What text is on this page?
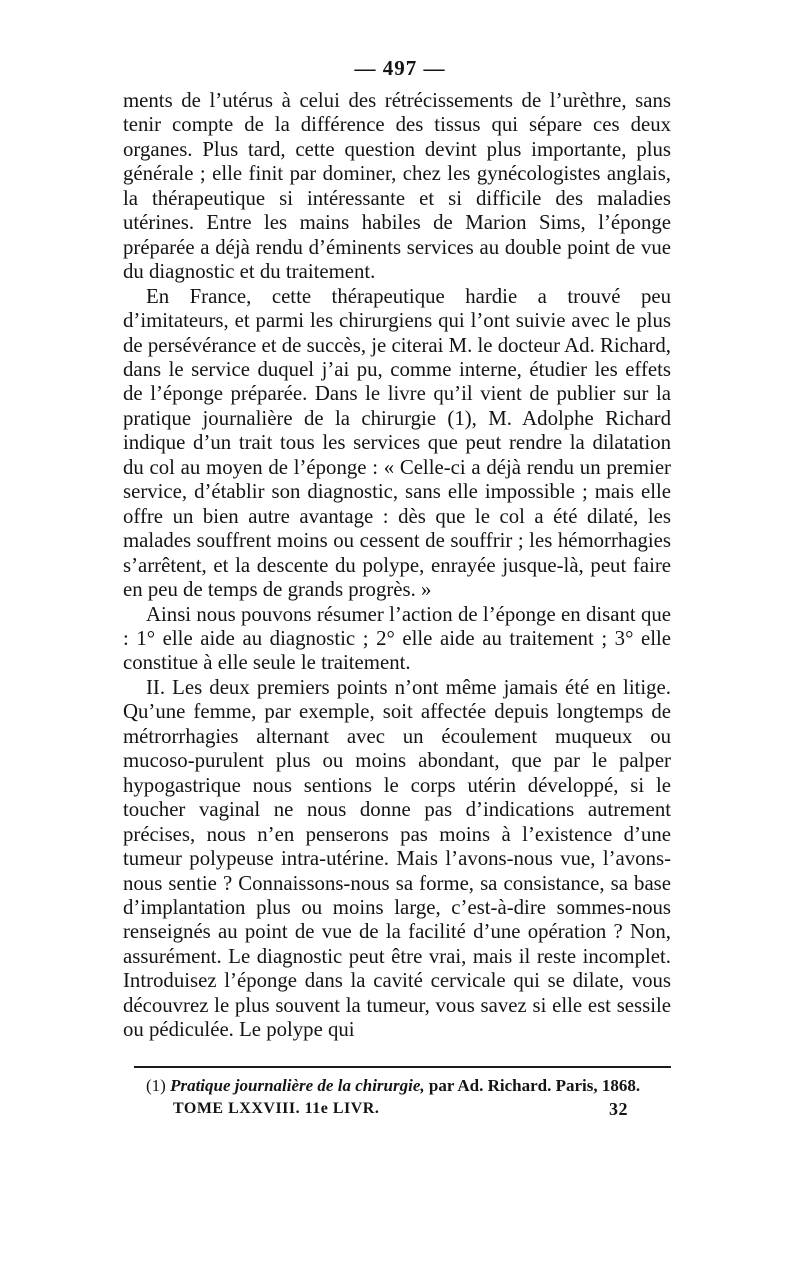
— 497 —

ments de l’utérus à celui des rétrécissements de l’urèthre, sans tenir compte de la différence des tissus qui sépare ces deux organes. Plus tard, cette question devint plus importante, plus générale ; elle finit par dominer, chez les gynécologistes anglais, la thérapeutique si intéressante et si difficile des maladies utérines. Entre les mains habiles de Marion Sims, l’éponge préparée a déjà rendu d’éminents services au double point de vue du diagnostic et du traitement.

En France, cette thérapeutique hardie a trouvé peu d’imitateurs, et parmi les chirurgiens qui l’ont suivie avec le plus de persévérance et de succès, je citerai M. le docteur Ad. Richard, dans le service duquel j’ai pu, comme interne, étudier les effets de l’éponge préparée. Dans le livre qu’il vient de publier sur la pratique journalière de la chirurgie (1), M. Adolphe Richard indique d’un trait tous les services que peut rendre la dilatation du col au moyen de l’éponge : « Celle-ci a déjà rendu un premier service, d’établir son diagnostic, sans elle impossible ; mais elle offre un bien autre avantage : dès que le col a été dilaté, les malades souffrent moins ou cessent de souffrir ; les hémorrhagies s’arrêtent, et la descente du polype, enrayée jusque-là, peut faire en peu de temps de grands progrès. »

Ainsi nous pouvons résumer l’action de l’éponge en disant que : 1° elle aide au diagnostic ; 2° elle aide au traitement ; 3° elle constitue à elle seule le traitement.

II. Les deux premiers points n’ont même jamais été en litige. Qu’une femme, par exemple, soit affectée depuis longtemps de métrorrhagies alternant avec un écoulement muqueux ou mucoso-purulent plus ou moins abondant, que par le palper hypogastrique nous sentions le corps utérin développé, si le toucher vaginal ne nous donne pas d’indications autrement précises, nous n’en penserons pas moins à l’existence d’une tumeur polypeuse intra-utérine. Mais l’avons-nous vue, l’avons-nous sentie ? Connaissons-nous sa forme, sa consistance, sa base d’implantation plus ou moins large, c’est-à-dire sommes-nous renseignés au point de vue de la facilité d’une opération ? Non, assurément. Le diagnostic peut être vrai, mais il reste incomplet. Introduisez l’éponge dans la cavité cervicale qui se dilate, vous découvrez le plus souvent la tumeur, vous savez si elle est sessile ou pédiculée. Le polype qui

(1) Pratique journalière de la chirurgie, par Ad. Richard. Paris, 1868.
TOME LXXVIII. 11e LIVR.	32
